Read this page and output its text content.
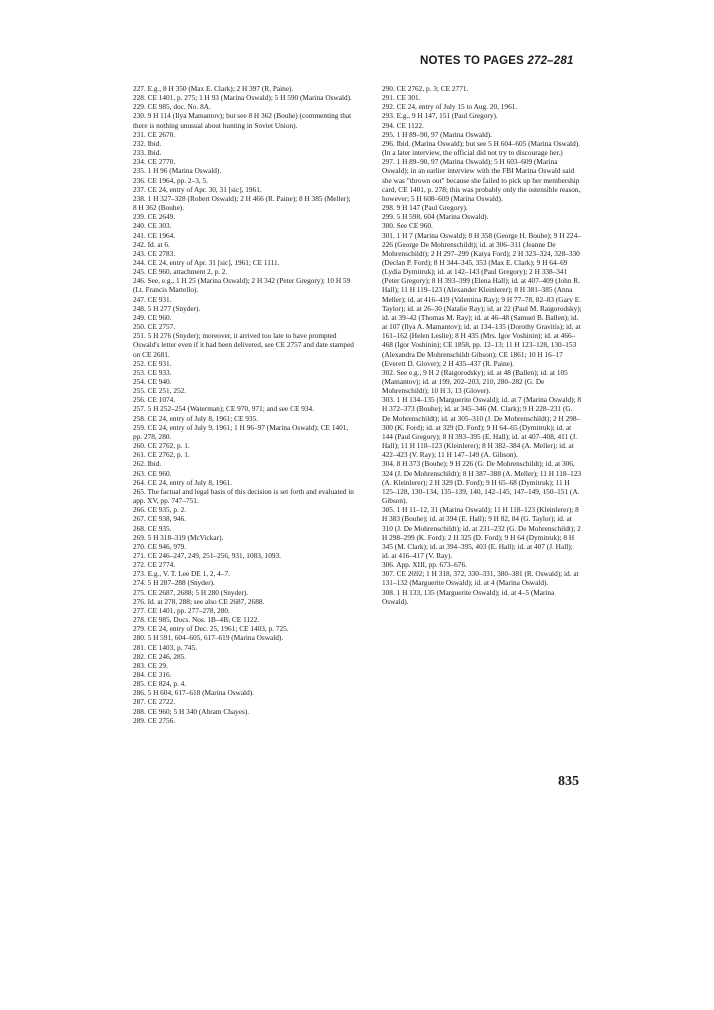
NOTES TO PAGES 272–281

227. E.g., 8 H 350 (Max E. Clark); 2 H 397 (R. Paine).

228. CE 1401, p. 275; 1 H 93 (Marina Oswald); 5 H 590 (Marina Oswald).

229. CE 985, doc. No. 8A.

230. 9 H 114 (Ilya Mamantov); but see 8 H 362 (Bouhe) (commenting that there is nothing unusual about hunting in Soviet Union).

231. CE 2670.

232. Ibid.

233. Ibid.

234. CE 2770.

235. 1 H 96 (Marina Oswald).

236. CE 1964, pp. 2–3, 5.

237. CE 24, entry of Apr. 30, 31 [sic], 1961.

238. 1 H 327–328 (Robert Oswald); 2 H 466 (R. Paine); 8 H 385 (Meller); 8 H 362 (Bouhe).

239. CE 2649.

240. CE 303.

241. CE 1964.

242. Id. at 6.

243. CE 2783.

244. CE 24, entry of Apr. 31 [sic], 1961; CE 1111.

245. CE 960, attachment 2, p. 2.

246. See, e.g., 1 H 25 (Marina Oswald); 2 H 342 (Peter Gregory); 10 H 59 (Lt. Francis Martello).

247. CE 931.

248. 5 H 277 (Snyder).

249. CE 960.

250. CE 2757.

251. 5 H 276 (Snyder); moreover, it arrived too late to have prompted Oswald's letter even if it had been delivered, see CE 2757 and date stamped on CE 2681.

252. CE 931.

253. CE 933.

254. CE 940.

255. CE 251, 252.

256. CE 1074.

257. 5 H 252–254 (Waterman); CE 970, 971; and see CE 934.

258. CE 24, entry of July 8, 1961; CE 935.

259. CE 24, entry of July 9, 1961; 1 H 96–97 (Marina Oswald); CE 1401, pp. 278, 280.

260. CE 2762, p. 1.

261. CE 2762, p. 1.

262. Ibid.

263. CE 960.

264. CE 24, entry of July 8, 1961.

265. The factual and legal basis of this decision is set forth and evaluated in app. XV, pp. 747–751.

266. CE 935, p. 2.

267. CE 938, 946.

268. CE 935.

269. 5 H 318–319 (McVickar).

270. CE 946, 979.

271. CE 246–247, 249, 251–256, 931, 1083, 1093.

272. CE 2774.

273. E.g., V. T. Lee DE 1, 2, 4–7.

274. 5 H 287–288 (Snyder).

275. CE 2687, 2688; 5 H 280 (Snyder).

276. Id. at 278, 288; see also CE 2687, 2688.

277. CE 1401, pp. 277–278, 280.

278. CE 985, Docs. Nos. 1B–4B; CE 1122.

279. CE 24, entry of Dec. 25, 1961; CE 1403, p. 725.

280. 5 H 591, 604–605, 617–619 (Marina Oswald).

281. CE 1403, p. 745.

282. CE 246, 285.

283. CE 29.

284. CE 316.

285. CE 824, p. 4.

286. 5 H 604, 617–618 (Marina Oswald).

287. CE 2722.

288. CE 960; 5 H 340 (Abram Chayes).

289. CE 2756.

290. CE 2762, p. 3; CE 2771.

291. CE 301.

292. CE 24, entry of July 15 to Aug. 20, 1961.

293. E.g., 9 H 147, 151 (Paul Gregory).

294. CE 1122.

295. 1 H 89–90, 97 (Marina Oswald).

296. Ibid. (Marina Oswald); but see 5 H 604–605 (Marina Oswald). (In a later interview, the official did not try to discourage her.)

297. 1 H 89–90, 97 (Marina Oswald); 5 H 603–609 (Marina Oswald); in an earlier interview with the FBI Marina Oswald said she was "thrown out" because she failed to pick up her membership card, CE 1401, p. 278; this was probably only the ostensible reason, however; 5 H 608–609 (Marina Oswald).

298. 9 H 147 (Paul Gregory).

299. 5 H 598, 604 (Marina Oswald).

300. See CE 960.

301. 1 H 7 (Marina Oswald); 8 H 358 (George H. Bouhe); 9 H 224–226 (George De Mohrenschildt); id. at 306–311 (Jeanne De Mohrenschildt); 2 H 297–299 (Katya Ford); 2 H 323–324, 328–330 (Declan P. Ford); 8 H 344–345, 353 (Max E. Clark); 9 H 64–69 (Lydia Dymitruk); id. at 142–143 (Paul Gregory); 2 H 338–341 (Peter Gregory); 8 H 393–399 (Elena Hall); id. at 407–409 (John R. Hall); 11 H 119–123 (Alexander Kleinlerer); 8 H 381–385 (Anna Meller); id. at 416–419 (Valentina Ray); 9 H 77–78, 82–83 (Gary E. Taylor); id. at 26–30 (Natalie Ray); id. at 22 (Paul M. Raigorodsky); id. at 39–42 (Thomas M. Ray); id. at 46–48 (Samuel B. Ballen); id. at 107 (Ilya A. Mamantov); id. at 134–135 (Dorothy Gravitis); id. at 161–162 (Helen Leslie); 8 H 435 (Mrs. Igor Voshinin); id. at 466–468 (Igor Voshinin); CE 1858, pp. 12–13; 11 H 123–128, 130–153 (Alexandra De Mohrenschildt Gibson); CE 1861; 10 H 16–17 (Everett D. Glover); 2 H 435–437 (R. Paine).

302. See e.g., 9 H 2 (Raigorodsky); id. at 48 (Ballen); id. at 105 (Mamantov); id. at 199, 202–203, 210, 280–282 (G. De Mohrenschildt); 10 H 3, 13 (Glover).

303. 1 H 134–135 (Marguerite Oswald); id. at 7 (Marina Oswald); 8 H 372–373 (Bouhe); id. at 345–346 (M. Clark); 9 H 228–231 (G. De Mohrenschildt); id. at 305–310 (J. De Mohrenschildt); 2 H 298–300 (K. Ford); id. at 329 (D. Ford); 9 H 64–65 (Dymitruk); id. at 144 (Paul Gregory); 8 H 393–395 (E. Hall); id. at 407–408, 411 (J. Hall); 11 H 118–123 (Kleinlerer); 8 H 382–384 (A. Meller); id. at 422–423 (V. Ray); 11 H 147–149 (A. Gibson).

304. 8 H 373 (Bouhe); 9 H 226 (G. De Mohrenschildt); id. at 306, 324 (J. De Mohrenschildt); 8 H 387–388 (A. Meller); 11 H 118–123 (A. Kleinlerer); 2 H 329 (D. Ford); 9 H 65–68 (Dymitruk); 11 H 125–128, 130–134, 135–139, 140, 142–145, 147–149, 150–151 (A. Gibson).

305. 1 H 11–12, 31 (Marina Oswald); 11 H 118–123 (Kleinlerer); 8 H 383 (Bouhe); id. at 394 (E. Hall); 9 H 82, 84 (G. Taylor); id. at 310 (J. De Mohrenschildt); id. at 231–232 (G. De Mohrenschildt); 2 H 298–299 (K. Ford); 2 H 325 (D. Ford); 9 H 64 (Dymitruk); 8 H 345 (M. Clark); id. at 394–395, 403 (E. Hall); id. at 407 (J. Hall); id. at 416–417 (V. Ray).

306. App. XIII, pp. 673–676.

307. CE 2692; 1 H 318, 372, 330–331, 380–381 (R. Oswald); id. at 131–132 (Marguerite Oswald); id. at 4 (Marina Oswald).

308. 1 H 133, 135 (Marguerite Oswald); id. at 4–5 (Marina Oswald).

835
